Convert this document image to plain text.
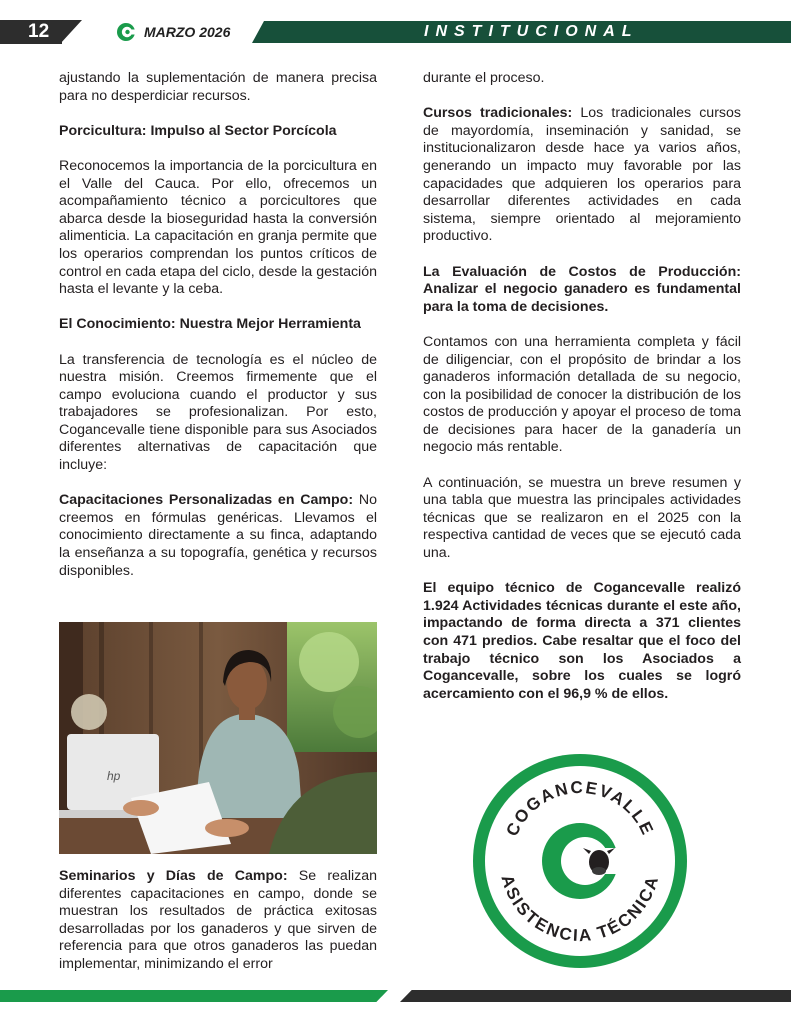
12	MARZO 2026	INSTITUCIONAL

ajustando la suplementación de manera precisa para no desperdiciar recursos.

Porcicultura: Impulso al Sector Porcícola

Reconocemos la importancia de la porcicultura en el Valle del Cauca. Por ello, ofrecemos un acompañamiento técnico a porcicultores que abarca desde la bioseguridad hasta la conversión alimenticia. La capacitación en granja permite que los operarios comprendan los puntos críticos de control en cada etapa del ciclo, desde la gestación hasta el levante y la ceba.

El Conocimiento: Nuestra Mejor Herramienta

La transferencia de tecnología es el núcleo de nuestra misión. Creemos firmemente que el campo evoluciona cuando el productor y sus trabajadores se profesionalizan. Por esto, Cogancevalle tiene disponible para sus Asociados diferentes alternativas de capacitación que incluye:

Capacitaciones Personalizadas en Campo: No creemos en fórmulas genéricas. Llevamos el conocimiento directamente a su finca, adaptando la enseñanza a su topografía, genética y recursos disponibles.

hp

Seminarios y Días de Campo: Se realizan diferentes capacitaciones en campo, donde se muestran los resultados de práctica exitosas desarrolladas por los ganaderos y que sirven de referencia para que otros ganaderos las puedan implementar, minimizando el error

durante el proceso.

Cursos tradicionales: Los tradicionales cursos de mayordomía, inseminación y sanidad, se institucionalizaron desde hace ya varios años, generando un impacto muy favorable por las capacidades que adquieren los operarios para desarrollar diferentes actividades en cada sistema, siempre orientado al mejoramiento productivo.

La Evaluación de Costos de Producción: Analizar el negocio ganadero es fundamental para la toma de decisiones.

Contamos con una herramienta completa y fácil de diligenciar, con el propósito de brindar a los ganaderos información detallada de su negocio, con la posibilidad de conocer la distribución de los costos de producción y apoyar el proceso de toma de decisiones para hacer de la ganadería un negocio más rentable.

A continuación, se muestra un breve resumen y una tabla que muestra las principales actividades técnicas que se realizaron en el 2025 con la respectiva cantidad de veces que se ejecutó cada una.

El equipo técnico de Cogancevalle realizó 1.924 Actividades técnicas durante el este año, impactando de forma directa a 371 clientes con 471 predios. Cabe resaltar que el foco del trabajo técnico son los Asociados a Cogancevalle, sobre los cuales se logró acercamiento con el 96,9 % de ellos.

COGANCEVALLE
ASISTENCIA TÉCNICA
